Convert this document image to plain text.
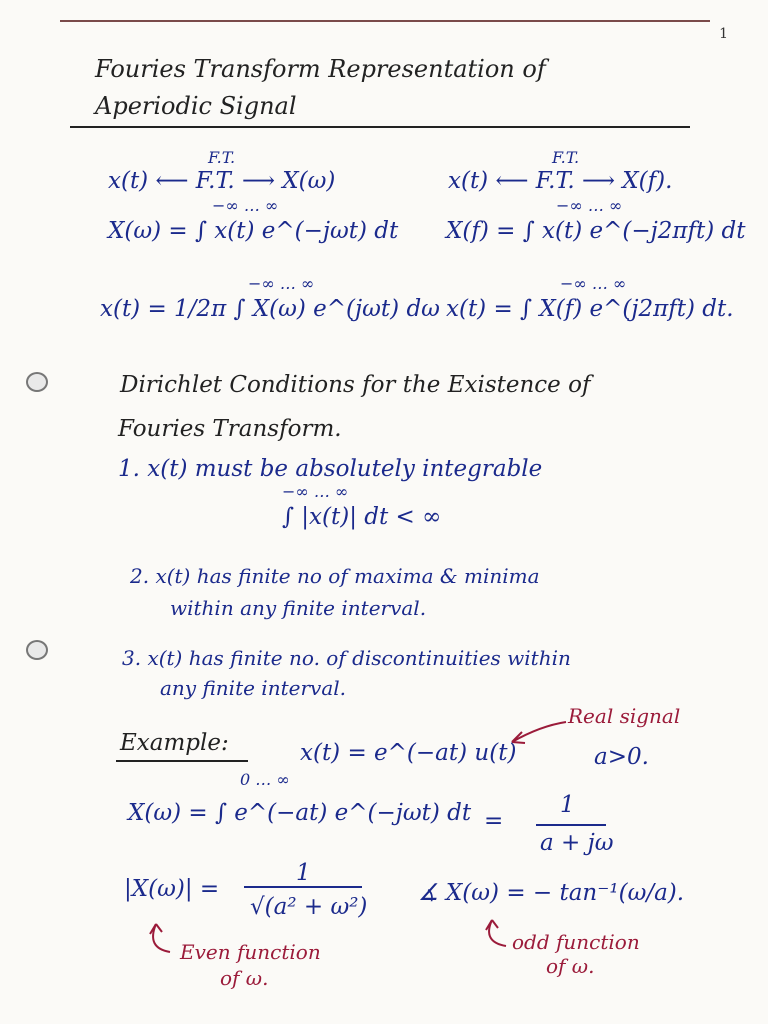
1
Fouries Transform Representation of
Aperiodic Signal
x(t) ⟵ F.T. ⟶ X(ω)
F.T.
X(ω) = ∫ x(t) e^(−jωt) dt
−∞ … ∞
x(t) = 1/2π ∫ X(ω) e^(jωt) dω
−∞ … ∞
x(t) ⟵ F.T. ⟶ X(f).
F.T.
X(f) = ∫ x(t) e^(−j2πft) dt
−∞ … ∞
x(t) = ∫ X(f) e^(j2πft) dt.
−∞ … ∞
Dirichlet Conditions for the Existence of
Fouries Transform.
1. x(t) must be absolutely integrable
−∞ … ∞
∫ |x(t)| dt < ∞
2. x(t) has finite no of maxima & minima
within any finite interval.
3. x(t) has finite no. of discontinuities within
any finite interval.
Example:	x(t) = e^(−at) u(t)	a>0.
Real signal
0 … ∞
X(ω) = ∫ e^(−at) e^(−jωt) dt =
1
a + jω
|X(ω)| =
1
√(a² + ω²)
∡ X(ω) = − tan⁻¹(ω/a).
Even function
of ω.
odd function
of ω.
